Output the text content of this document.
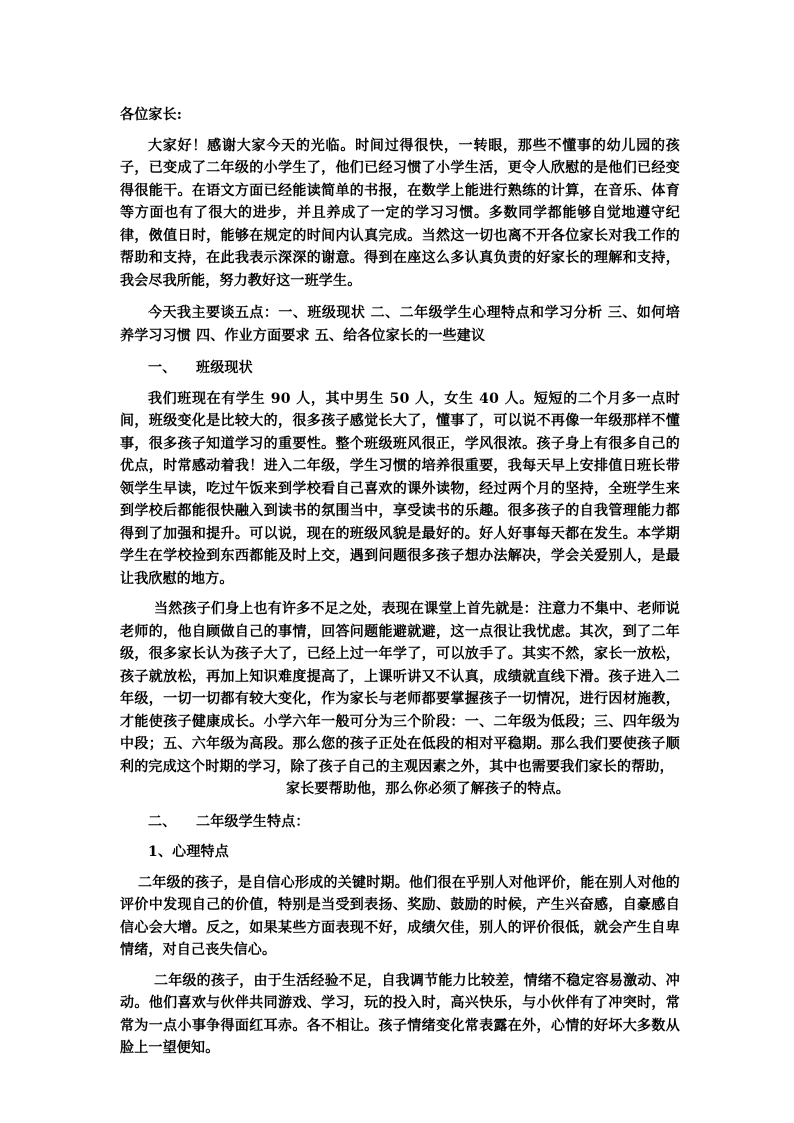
各位家长:

大家好！感谢大家今天的光临。时间过得很快，一转眼，那些不懂事的幼儿园的孩子，已变成了二年级的小学生了，他们已经习惯了小学生活，更令人欣慰的是他们已经变得很能干。在语文方面已经能读简单的书报，在数学上能进行熟练的计算，在音乐、体育等方面也有了很大的进步，并且养成了一定的学习习惯。多数同学都能够自觉地遵守纪律，傚值日时，能够在规定的时间内认真完成。当然这一切也离不开各位家长对我工作的帮助和支持，在此我表示深深的谢意。得到在座这么多认真负责的好家长的理解和支持，我会尽我所能，努力教好这一班学生。

今天我主要谈五点：一、班级现状 二、二年级学生心理特点和学习分析 三、如何培养学习习惯 四、作业方面要求 五、给各位家长的一些建议

一、 班级现状

我们班现在有学生 90 人，其中男生 50 人，女生 40 人。短短的二个月多一点时间，班级变化是比较大的，很多孩子感觉长大了，懂事了，可以说不再像一年级那样不懂事，很多孩子知道学习的重要性。整个班级班风很正，学风很浓。孩子身上有很多自己的优点，时常感动着我！进入二年级，学生习惯的培养很重要，我每天早上安排值日班长带领学生早读，吃过午饭来到学校看自己喜欢的课外读物，经过两个月的坚持，全班学生来到学校后都能很快融入到读书的氛围当中，享受读书的乐趣。很多孩子的自我管理能力都得到了加强和提升。可以说，现在的班级风貌是最好的。好人好事每天都在发生。本学期学生在学校捡到东西都能及时上交，遇到问题很多孩子想办法解决，学会关爱别人，是最让我欣慰的地方。

当然孩子们身上也有许多不足之处，表现在课堂上首先就是：注意力不集中、老师说老师的，他自顾做自己的事情，回答问题能避就避，这一点很让我忧虑。其次，到了二年级，很多家长认为孩子大了，已经上过一年学了，可以放手了。其实不然，家长一放松，孩子就放松，再加上知识难度提高了，上课听讲又不认真，成绩就直线下滑。孩子进入二年级，一切一切都有较大变化，作为家长与老师都要掌握孩子一切情况，进行因材施教，才能使孩子健康成长。小学六年一般可分为三个阶段：一、二年级为低段；三、四年级为中段；五、六年级为高段。那么您的孩子正处在低段的相对平稳期。那么我们要使孩子顺利的完成这个时期的学习，除了孩子自己的主观因素之外，其中也需要我们家长的帮助，

家长要帮助他，那么你必须了解孩子的特点。

二、 二年级学生特点：

1、心理特点

二年级的孩子，是自信心形成的关键时期。他们很在乎别人对他评价，能在别人对他的评价中发现自己的价值，特别是当受到表扬、奖励、鼓励的时候，产生兴奋感，自豪感自信心会大增。反之，如果某些方面表现不好，成绩欠佳，别人的评价很低，就会产生自卑情绪，对自己丧失信心。

二年级的孩子，由于生活经验不足，自我调节能力比较差，情绪不稳定容易激动、冲动。他们喜欢与伙伴共同游戏、学习，玩的投入时，高兴快乐，与小伙伴有了冲突时，常常为一点小事争得面红耳赤。各不相让。孩子情绪变化常表露在外，心情的好坏大多数从脸上一望便知。
